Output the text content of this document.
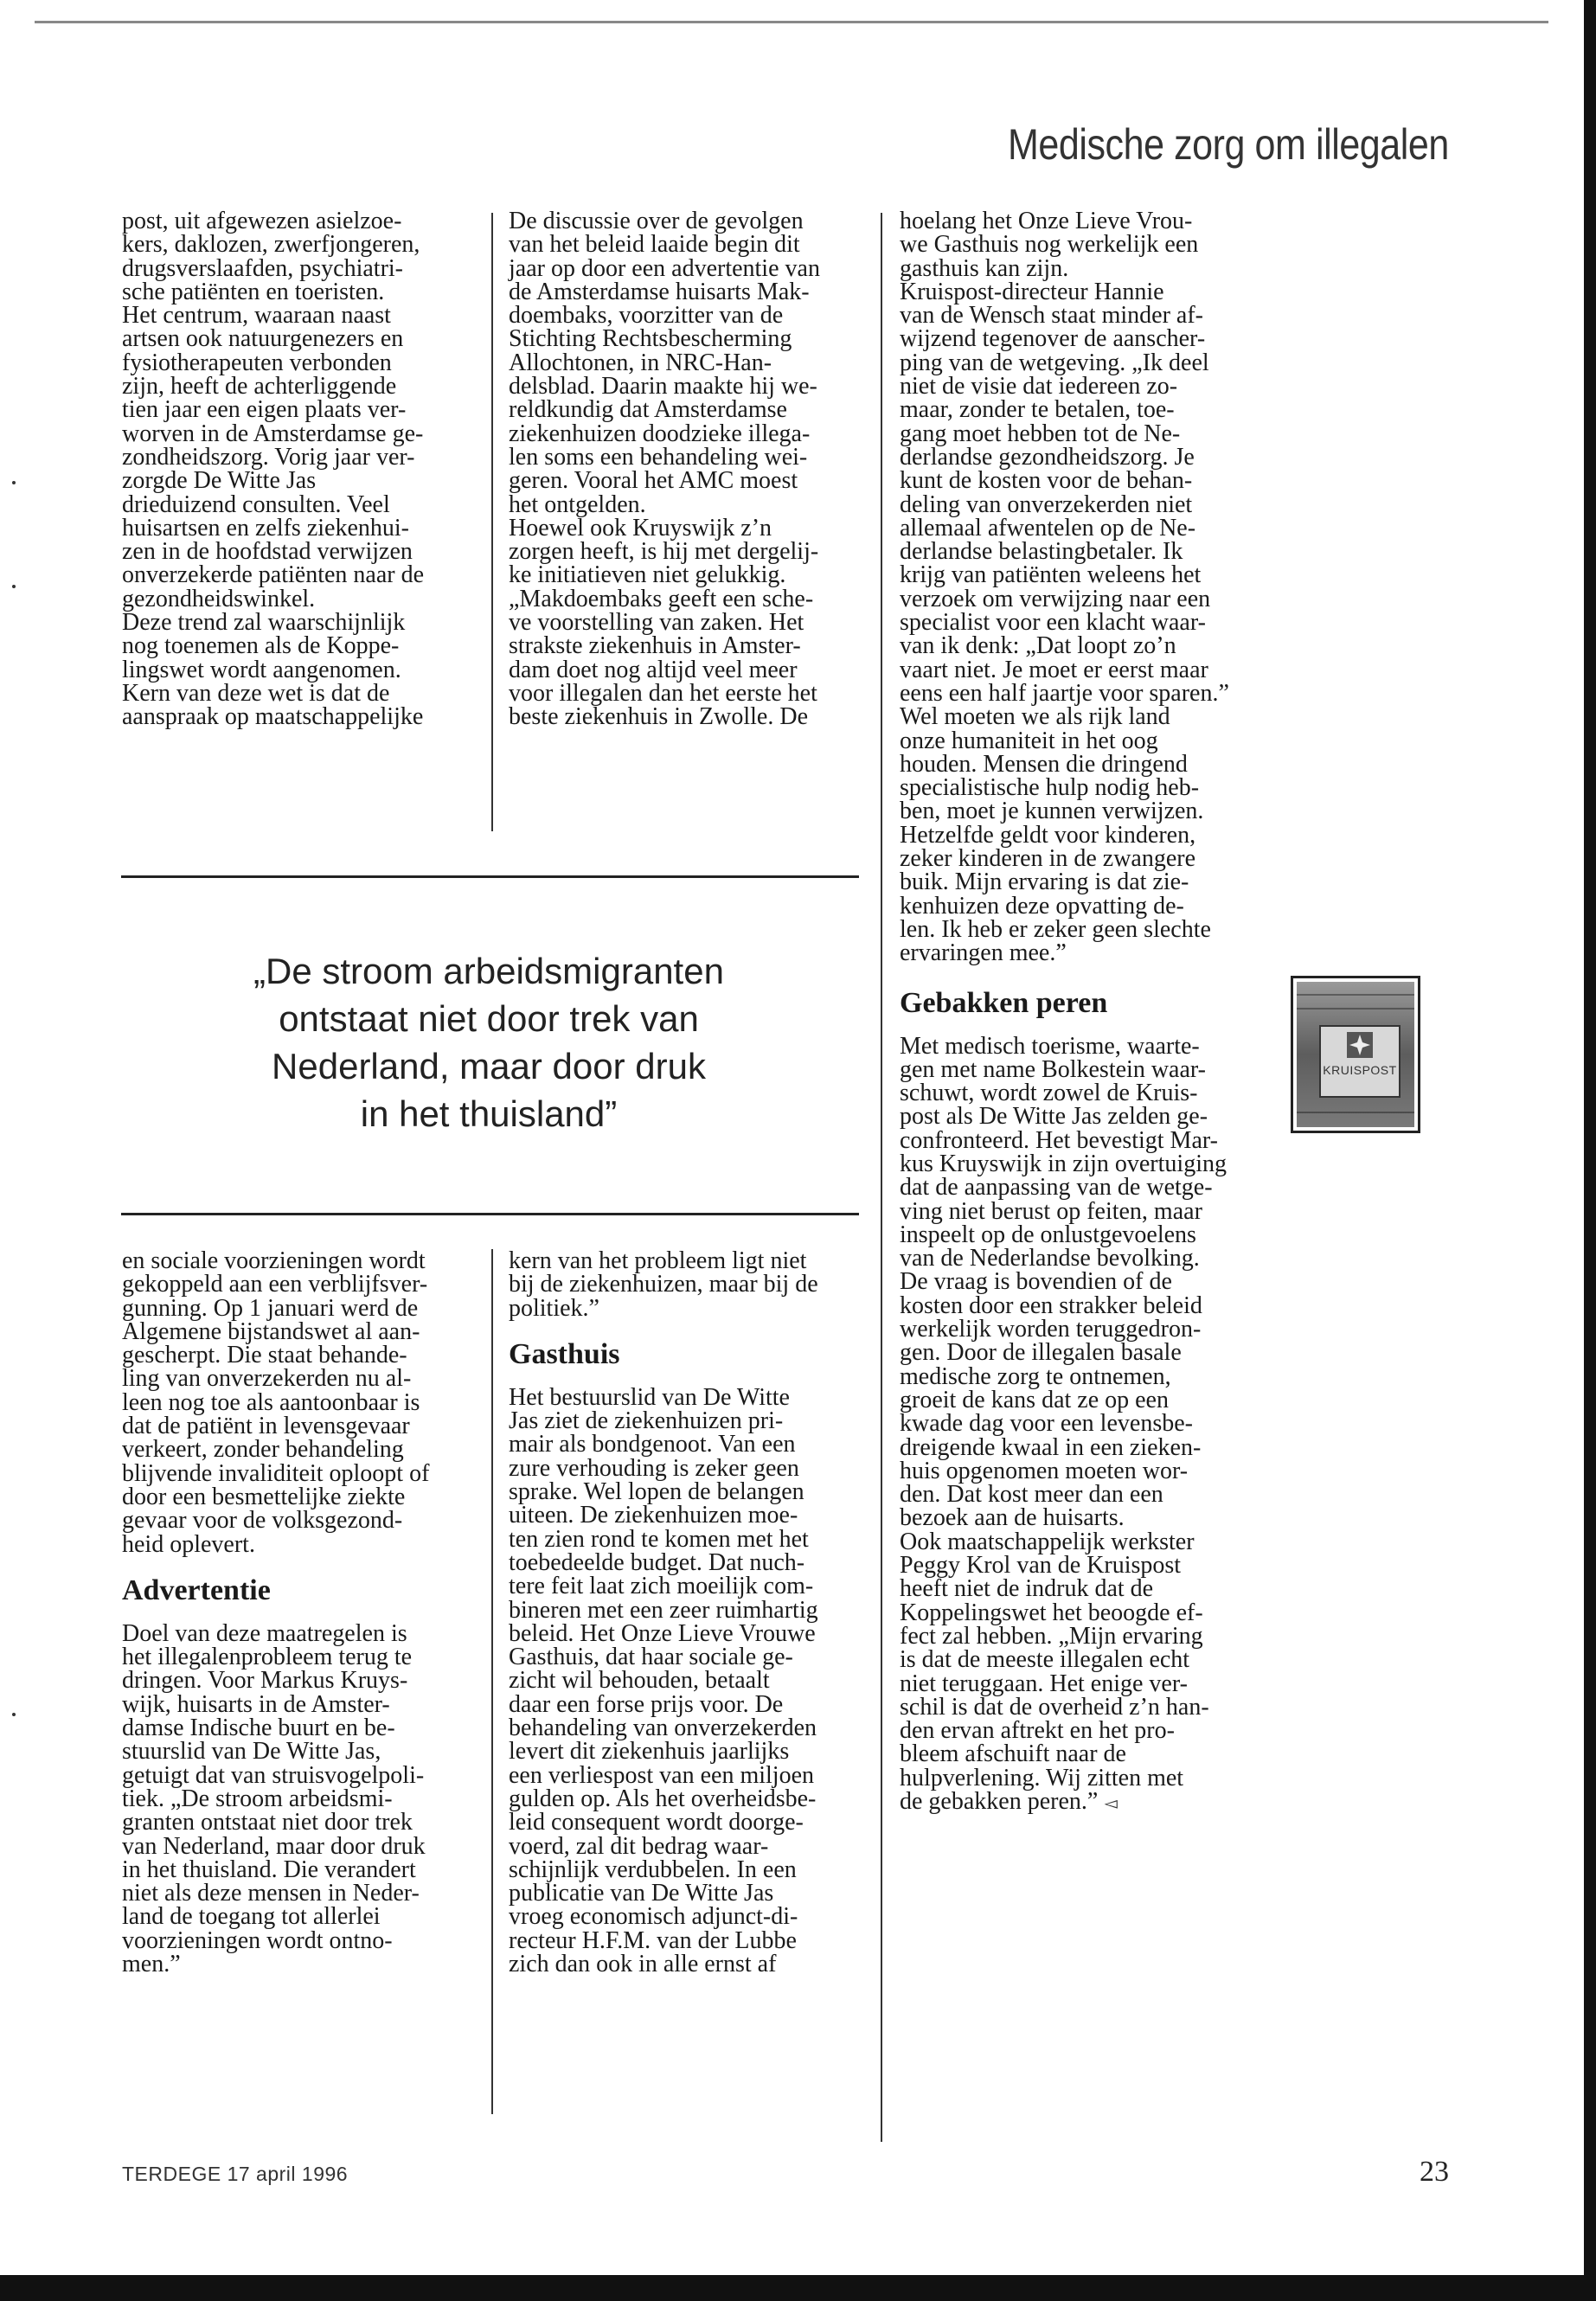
Medische zorg om illegalen
post, uit afgewezen asielzoe-
kers, daklozen, zwerfjongeren,
drugsverslaafden, psychiatri-
sche patiënten en toeristen.
Het centrum, waaraan naast
artsen ook natuurgenezers en
fysiotherapeuten verbonden
zijn, heeft de achterliggende
tien jaar een eigen plaats ver-
worven in de Amsterdamse ge-
zondheidszorg. Vorig jaar ver-
zorgde De Witte Jas
drieduizend consulten. Veel
huisartsen en zelfs ziekenhui-
zen in de hoofdstad verwijzen
onverzekerde patiënten naar de
gezondheidswinkel.
Deze trend zal waarschijnlijk
nog toenemen als de Koppe-
lingswet wordt aangenomen.
Kern van deze wet is dat de
aanspraak op maatschappelijke
De discussie over de gevolgen
van het beleid laaide begin dit
jaar op door een advertentie van
de Amsterdamse huisarts Mak-
doembaks, voorzitter van de
Stichting Rechtsbescherming
Allochtonen, in NRC-Han-
delsblad. Daarin maakte hij we-
reldkundig dat Amsterdamse
ziekenhuizen doodzieke illega-
len soms een behandeling wei-
geren. Vooral het AMC moest
het ontgelden.
Hoewel ook Kruyswijk z’n
zorgen heeft, is hij met dergelij-
ke initiatieven niet gelukkig.
„Makdoembaks geeft een sche-
ve voorstelling van zaken. Het
strakste ziekenhuis in Amster-
dam doet nog altijd veel meer
voor illegalen dan het eerste het
beste ziekenhuis in Zwolle. De
„De stroom arbeidsmigranten
ontstaat niet door trek van
Nederland, maar door druk
in het thuisland”
en sociale voorzieningen wordt
gekoppeld aan een verblijfsver-
gunning. Op 1 januari werd de
Algemene bijstandswet al aan-
gescherpt. Die staat behande-
ling van onverzekerden nu al-
leen nog toe als aantoonbaar is
dat de patiënt in levensgevaar
verkeert, zonder behandeling
blijvende invaliditeit oploopt of
door een besmettelijke ziekte
gevaar voor de volksgezond-
heid oplevert.
Advertentie
Doel van deze maatregelen is
het illegalenprobleem terug te
dringen. Voor Markus Kruys-
wijk, huisarts in de Amster-
damse Indische buurt en be-
stuurslid van De Witte Jas,
getuigt dat van struisvogelpoli-
tiek. „De stroom arbeidsmi-
granten ontstaat niet door trek
van Nederland, maar door druk
in het thuisland. Die verandert
niet als deze mensen in Neder-
land de toegang tot allerlei
voorzieningen wordt ontno-
men.”
kern van het probleem ligt niet
bij de ziekenhuizen, maar bij de
politiek.”
Gasthuis
Het bestuurslid van De Witte
Jas ziet de ziekenhuizen pri-
mair als bondgenoot. Van een
zure verhouding is zeker geen
sprake. Wel lopen de belangen
uiteen. De ziekenhuizen moe-
ten zien rond te komen met het
toebedeelde budget. Dat nuch-
tere feit laat zich moeilijk com-
bineren met een zeer ruimhartig
beleid. Het Onze Lieve Vrouwe
Gasthuis, dat haar sociale ge-
zicht wil behouden, betaalt
daar een forse prijs voor. De
behandeling van onverzekerden
levert dit ziekenhuis jaarlijks
een verliespost van een miljoen
gulden op. Als het overheidsbe-
leid consequent wordt doorge-
voerd, zal dit bedrag waar-
schijnlijk verdubbelen. In een
publicatie van De Witte Jas
vroeg economisch adjunct-di-
recteur H.F.M. van der Lubbe
zich dan ook in alle ernst af
hoelang het Onze Lieve Vrou-
we Gasthuis nog werkelijk een
gasthuis kan zijn.
Kruispost-directeur Hannie
van de Wensch staat minder af-
wijzend tegenover de aanscher-
ping van de wetgeving. „Ik deel
niet de visie dat iedereen zo-
maar, zonder te betalen, toe-
gang moet hebben tot de Ne-
derlandse gezondheidszorg. Je
kunt de kosten voor de behan-
deling van onverzekerden niet
allemaal afwentelen op de Ne-
derlandse belastingbetaler. Ik
krijg van patiënten weleens het
verzoek om verwijzing naar een
specialist voor een klacht waar-
van ik denk: „Dat loopt zo’n
vaart niet. Je moet er eerst maar
eens een half jaartje voor sparen.”
Wel moeten we als rijk land
onze humaniteit in het oog
houden. Mensen die dringend
specialistische hulp nodig heb-
ben, moet je kunnen verwijzen.
Hetzelfde geldt voor kinderen,
zeker kinderen in de zwangere
buik. Mijn ervaring is dat zie-
kenhuizen deze opvatting de-
len. Ik heb er zeker geen slechte
ervaringen mee.”
Gebakken peren
Met medisch toerisme, waarte-
gen met name Bolkestein waar-
schuwt, wordt zowel de Kruis-
post als De Witte Jas zelden ge-
confronteerd. Het bevestigt Mar-
kus Kruyswijk in zijn overtuiging
dat de aanpassing van de wetge-
ving niet berust op feiten, maar
inspeelt op de onlustgevoelens
van de Nederlandse bevolking.
De vraag is bovendien of de
kosten door een strakker beleid
werkelijk worden teruggedron-
gen. Door de illegalen basale
medische zorg te ontnemen,
groeit de kans dat ze op een
kwade dag voor een levensbe-
dreigende kwaal in een zieken-
huis opgenomen moeten wor-
den. Dat kost meer dan een
bezoek aan de huisarts.
Ook maatschappelijk werkster
Peggy Krol van de Kruispost
heeft niet de indruk dat de
Koppelingswet het beoogde ef-
fect zal hebben. „Mijn ervaring
is dat de meeste illegalen echt
niet teruggaan. Het enige ver-
schil is dat de overheid z’n han-
den ervan aftrekt en het pro-
bleem afschuift naar de
hulpverlening. Wij zitten met
de gebakken peren.” ◅
KRUISPOST
TERDEGE 17 april 1996	23
